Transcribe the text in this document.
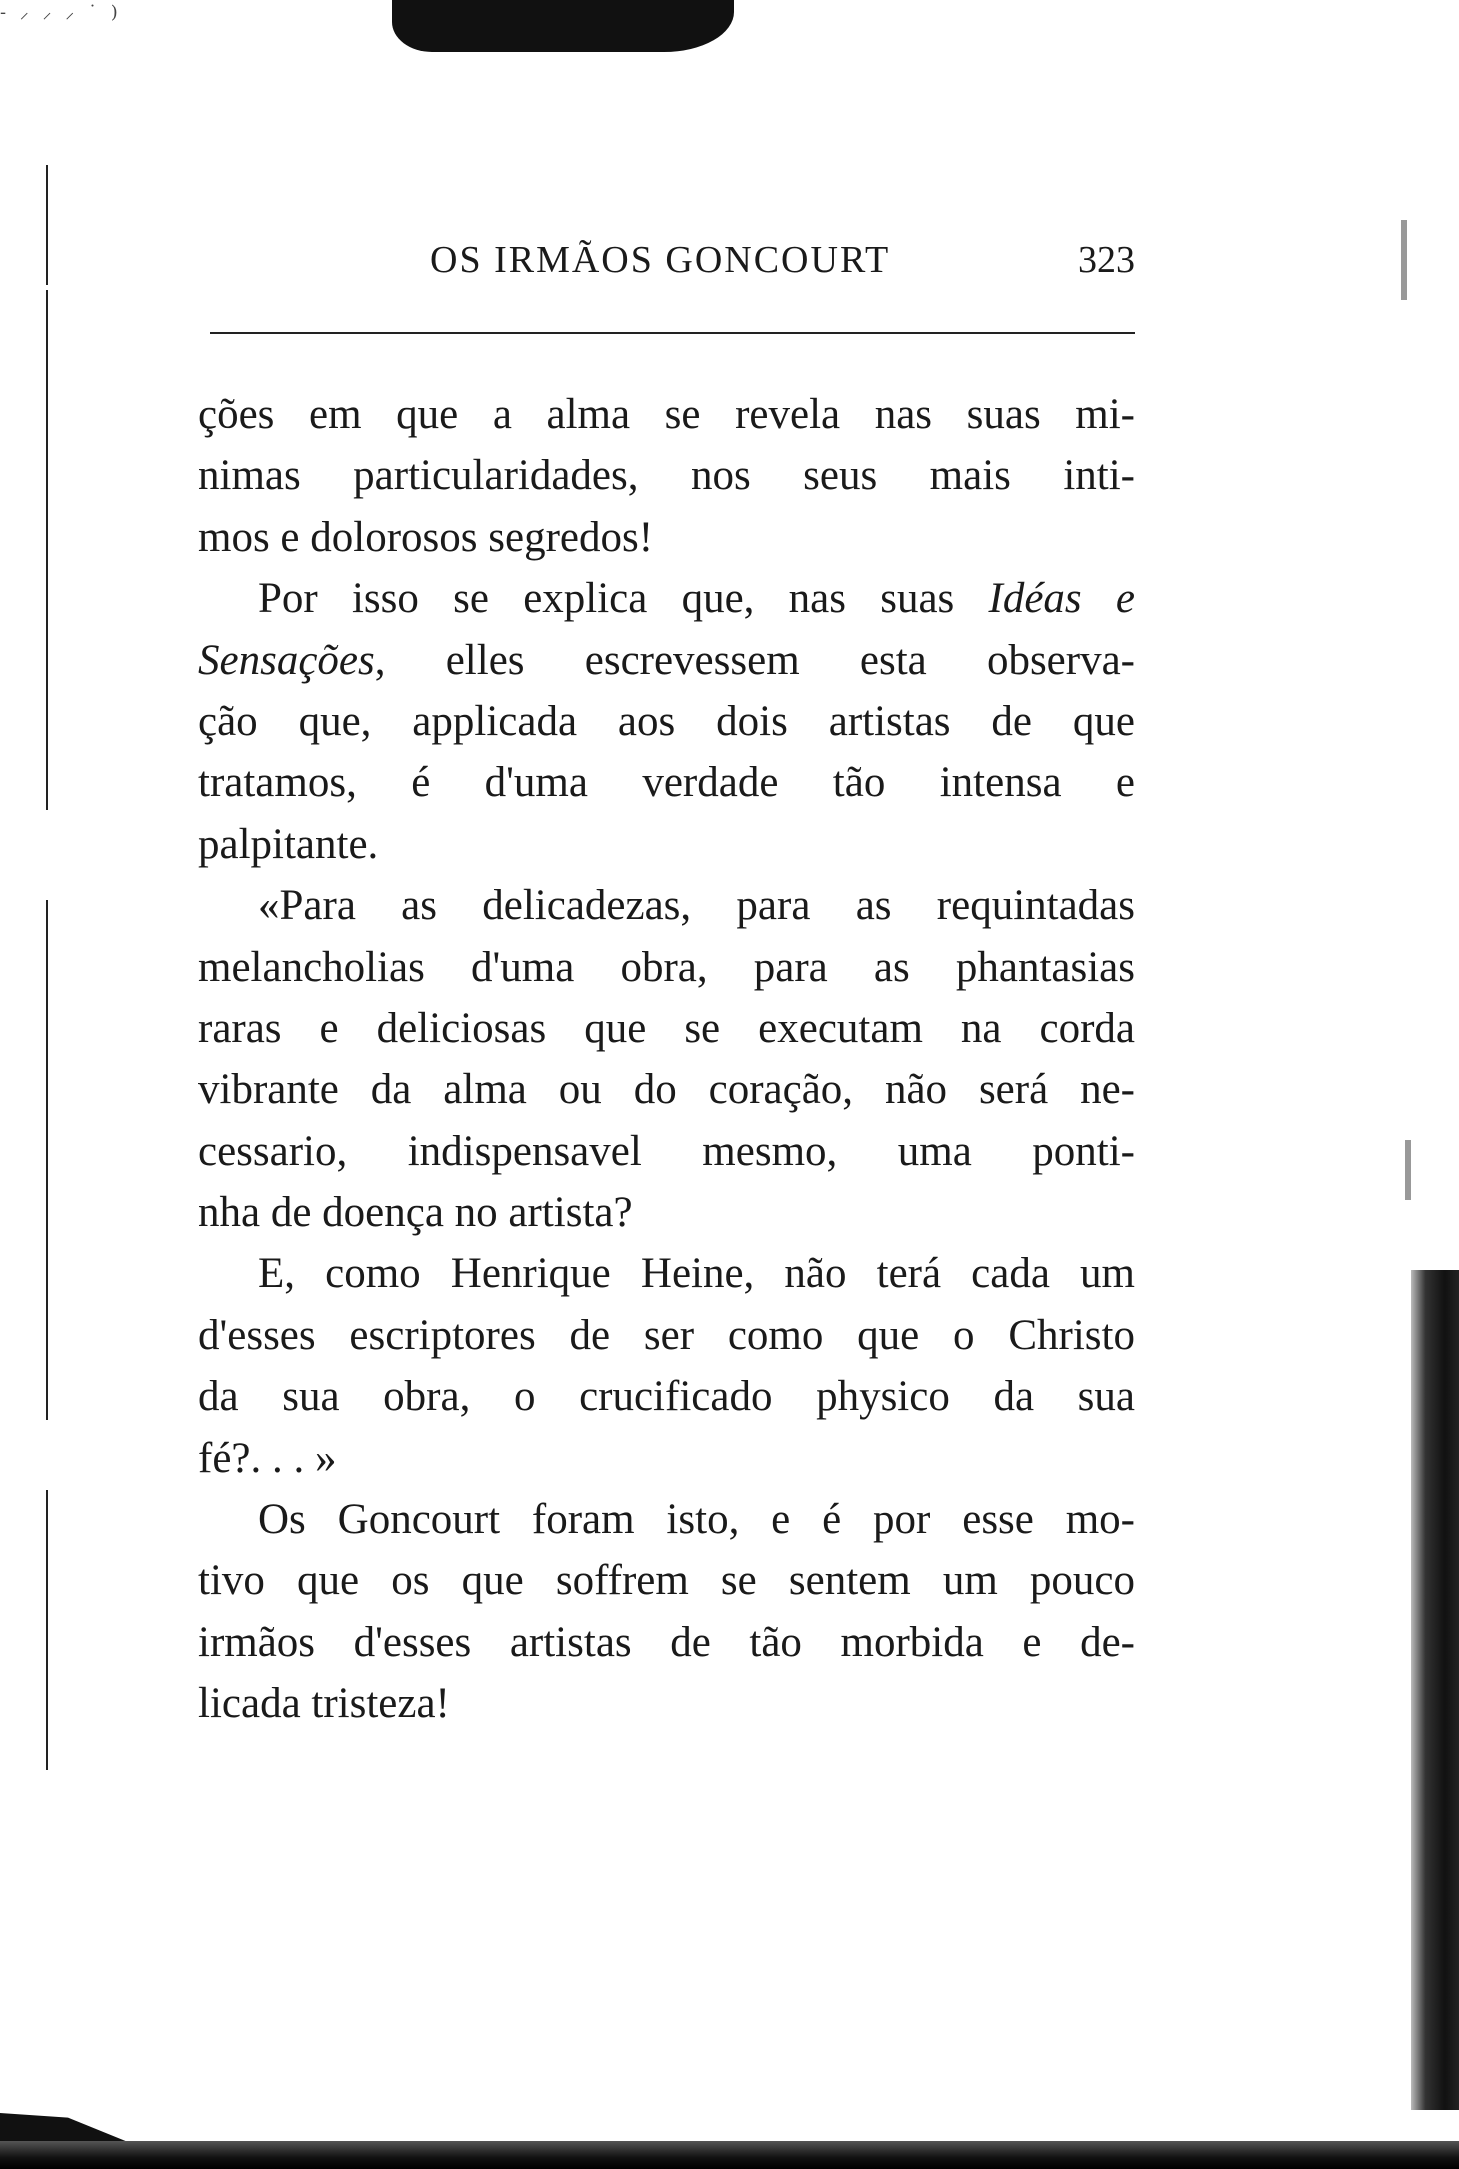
- ⸝ ⸝ ⸝ ˙ )
OS IRMÃOS GONCOURT	323
ções em que a alma se revela nas suas mi-
nimas particularidades, nos seus mais inti-
mos e dolorosos segredos!
Por isso se explica que, nas suas Idéas e
Sensações, elles escrevessem esta observa-
ção que, applicada aos dois artistas de que
tratamos, é d'uma verdade tão intensa e
palpitante.
«Para as delicadezas, para as requintadas
melancholias d'uma obra, para as phantasias
raras e deliciosas que se executam na corda
vibrante da alma ou do coração, não será ne-
cessario, indispensavel mesmo, uma ponti-
nha de doença no artista?
E, como Henrique Heine, não terá cada um
d'esses escriptores de ser como que o Christo
da sua obra, o crucificado physico da sua
fé?. . . »
Os Goncourt foram isto, e é por esse mo-
tivo que os que soffrem se sentem um pouco
irmãos d'esses artistas de tão morbida e de-
licada tristeza!
